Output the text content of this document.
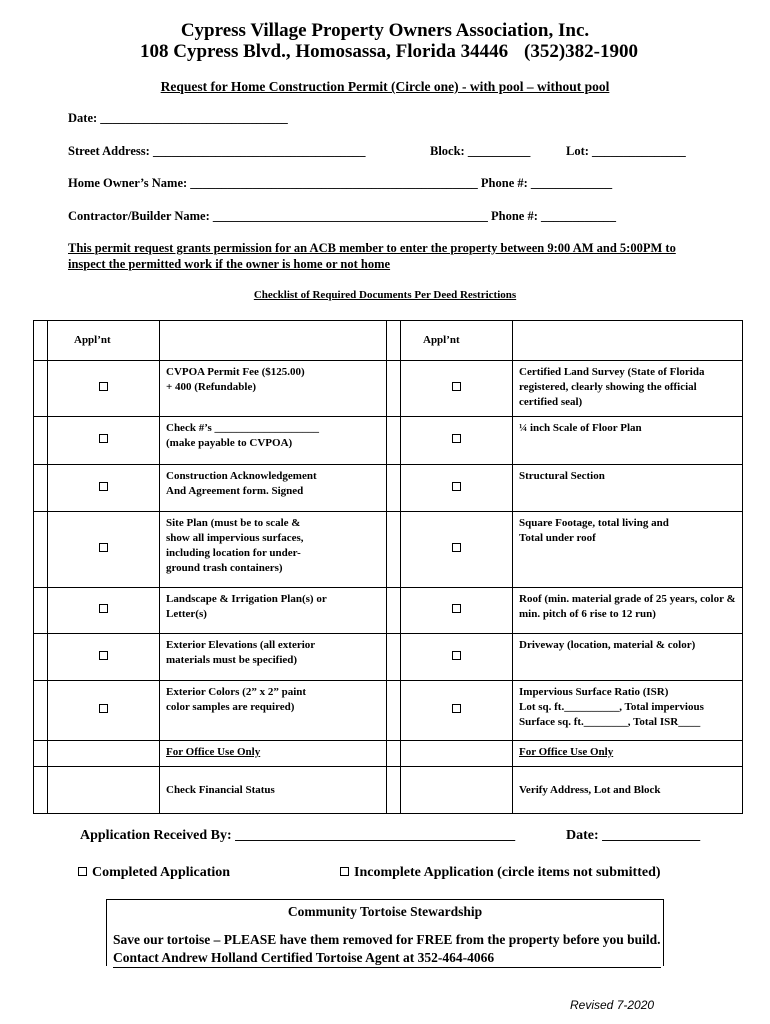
Cypress Village Property Owners Association, Inc.
108 Cypress Blvd., Homosassa, Florida 34446 (352)382-1900
Request for Home Construction Permit (Circle one) - with pool – without pool
Date: ______________________________
Street Address: __________________________________	Block: __________	Lot: _______________
Home Owner’s Name: ______________________________________________ Phone #: _____________
Contractor/Builder Name: ____________________________________________ Phone #: ____________
This permit request grants permission for an ACB member to enter the property between 9:00 AM and 5:00PM to inspect the permitted work if the owner is home or not home
Checklist of Required Documents Per Deed Restrictions
	Appl’nt			Appl’nt	
		CVPOA Permit Fee ($125.00)
+ 400 (Refundable)			Certified Land Survey (State of Florida registered, clearly showing the official certified seal)
		Check #’s ___________________
(make payable to CVPOA)			¼ inch Scale of Floor Plan
		Construction Acknowledgement
And Agreement form. Signed			Structural Section
		Site Plan (must be to scale &
show all impervious surfaces,
including location for under-
ground trash containers)			Square Footage, total living and
Total under roof
		Landscape & Irrigation Plan(s) or
Letter(s)			Roof (min. material grade of 25 years, color & min. pitch of 6 rise to 12 run)
		Exterior Elevations (all exterior
materials must be specified)			Driveway (location, material & color)
		Exterior Colors (2” x 2” paint
color samples are required)			Impervious Surface Ratio (ISR)
Lot sq. ft.__________, Total impervious
Surface sq. ft.________, Total ISR____
		For Office Use Only			For Office Use Only
		Check Financial Status			Verify Address, Lot and Block
Application Received By: ________________________________________	Date: ______________
Completed Application	Incomplete Application (circle items not submitted)
Community Tortoise Stewardship
Save our tortoise – PLEASE have them removed for FREE from the property before you build. Contact Andrew Holland Certified Tortoise Agent at 352-464-4066
Revised 7-2020
